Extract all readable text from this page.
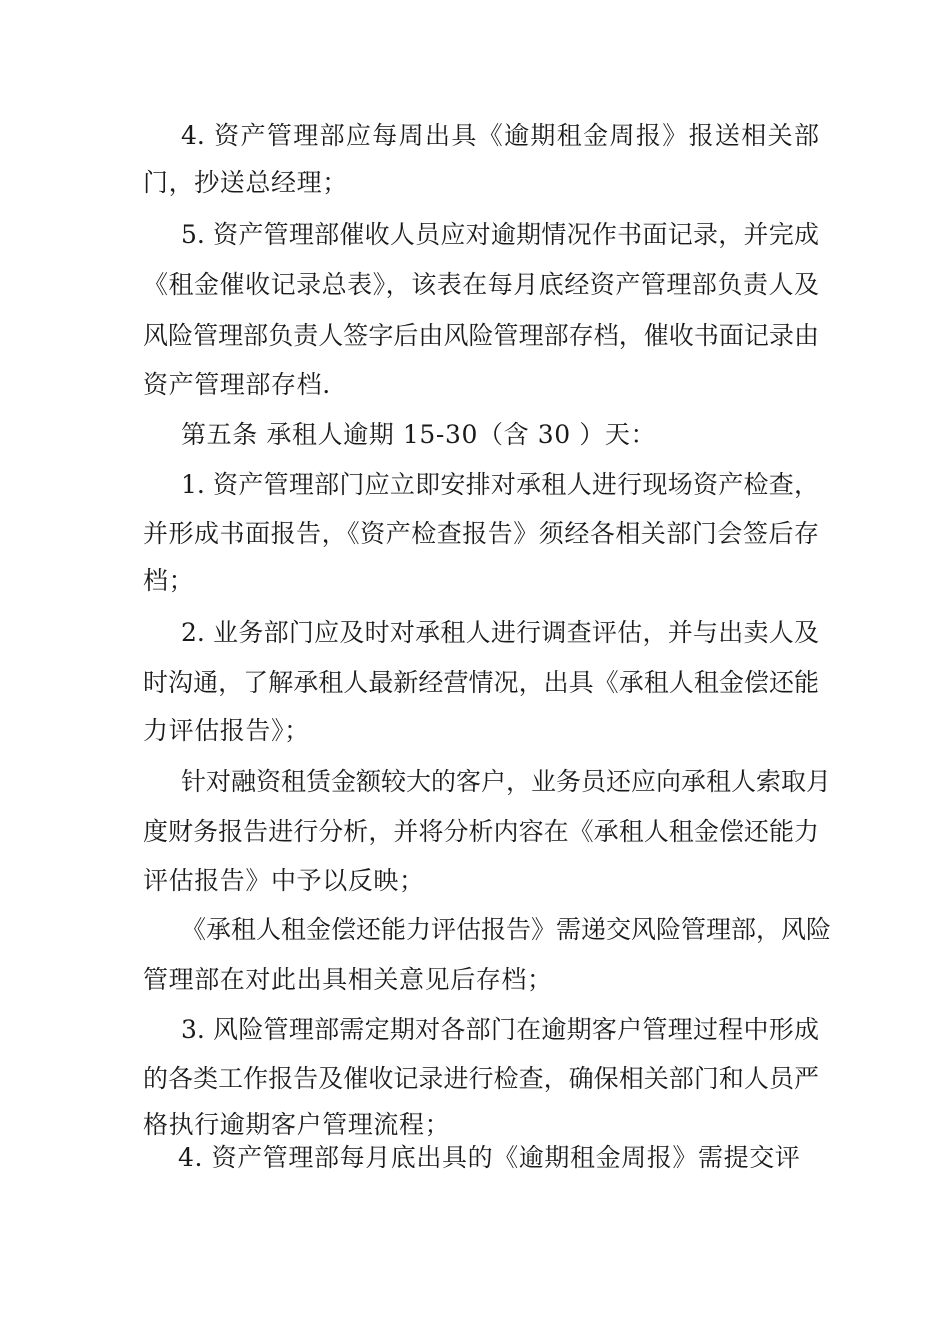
4. 资产管理部应每周出具《逾期租金周报》报送相关部
门，抄送总经理；
5. 资产管理部催收人员应对逾期情况作书面记录，并完成
《租金催收记录总表》，该表在每月底经资产管理部负责人及
风险管理部负责人签字后由风险管理部存档，催收书面记录由
资产管理部存档.
第五条 承租人逾期 15-30（含 30 ）天：
1. 资产管理部门应立即安排对承租人进行现场资产检查，
并形成书面报告，《资产检查报告》须经各相关部门会签后存
档；
2. 业务部门应及时对承租人进行调查评估，并与出卖人及
时沟通，了解承租人最新经营情况，出具《承租人租金偿还能
力评估报告》；
针对融资租赁金额较大的客户，业务员还应向承租人索取月
度财务报告进行分析，并将分析内容在《承租人租金偿还能力
评估报告》中予以反映；
《承租人租金偿还能力评估报告》需递交风险管理部，风险
管理部在对此出具相关意见后存档；
3. 风险管理部需定期对各部门在逾期客户管理过程中形成
的各类工作报告及催收记录进行检查，确保相关部门和人员严
格执行逾期客户管理流程；
4. 资产管理部每月底出具的《逾期租金周报》需提交评
